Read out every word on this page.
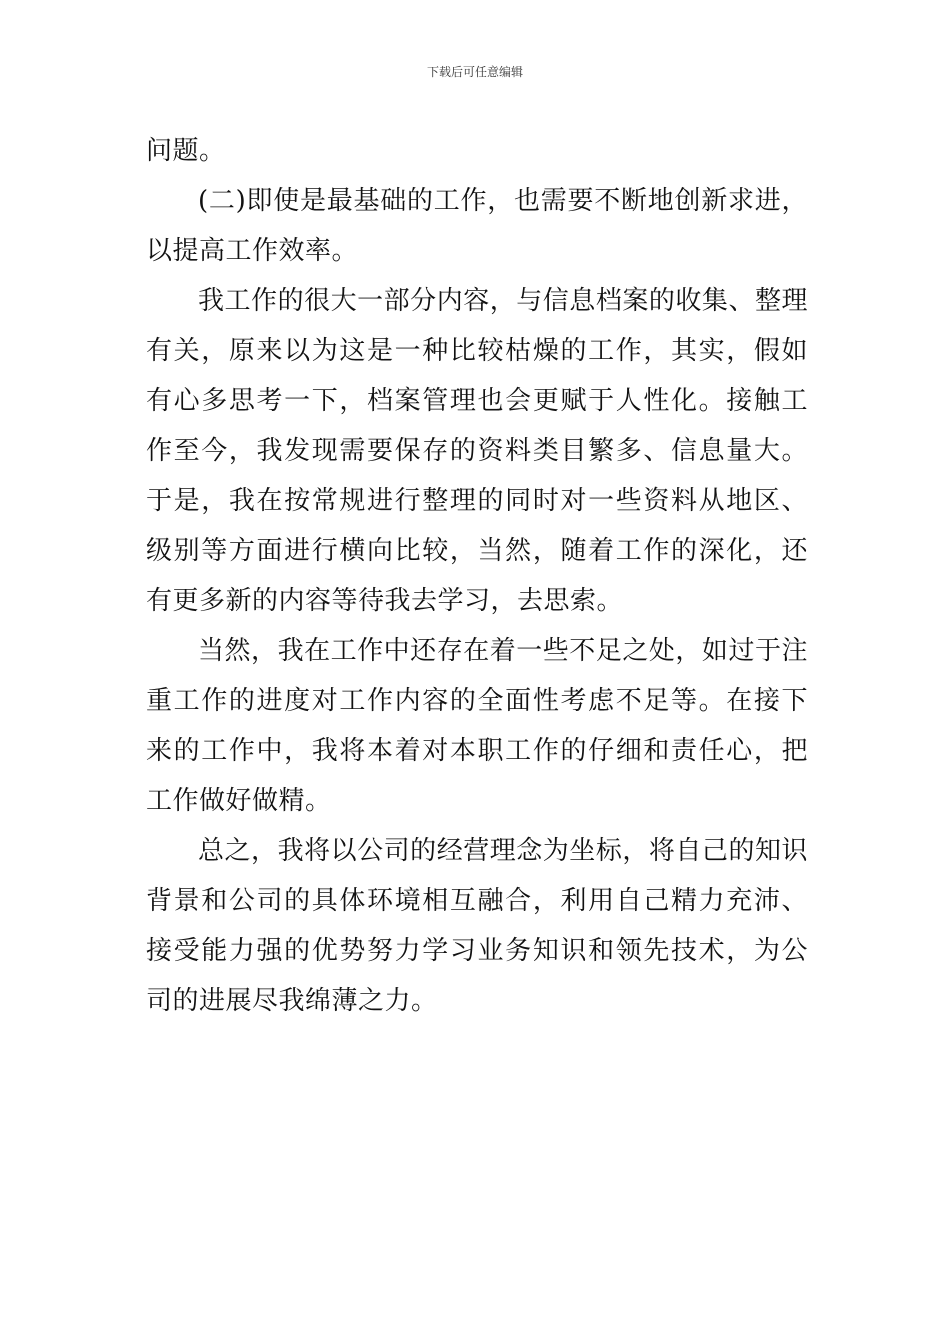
下载后可任意编辑

问题。

(二)即使是最基础的工作，也需要不断地创新求进，以提高工作效率。

我工作的很大一部分内容，与信息档案的收集、整理有关，原来以为这是一种比较枯燥的工作，其实，假如有心多思考一下，档案管理也会更赋于人性化。接触工作至今，我发现需要保存的资料类目繁多、信息量大。于是，我在按常规进行整理的同时对一些资料从地区、级别等方面进行横向比较，当然，随着工作的深化，还有更多新的内容等待我去学习，去思索。

当然，我在工作中还存在着一些不足之处，如过于注重工作的进度对工作内容的全面性考虑不足等。在接下来的工作中，我将本着对本职工作的仔细和责任心，把工作做好做精。

总之，我将以公司的经营理念为坐标，将自己的知识背景和公司的具体环境相互融合，利用自己精力充沛、接受能力强的优势努力学习业务知识和领先技术，为公司的进展尽我绵薄之力。
